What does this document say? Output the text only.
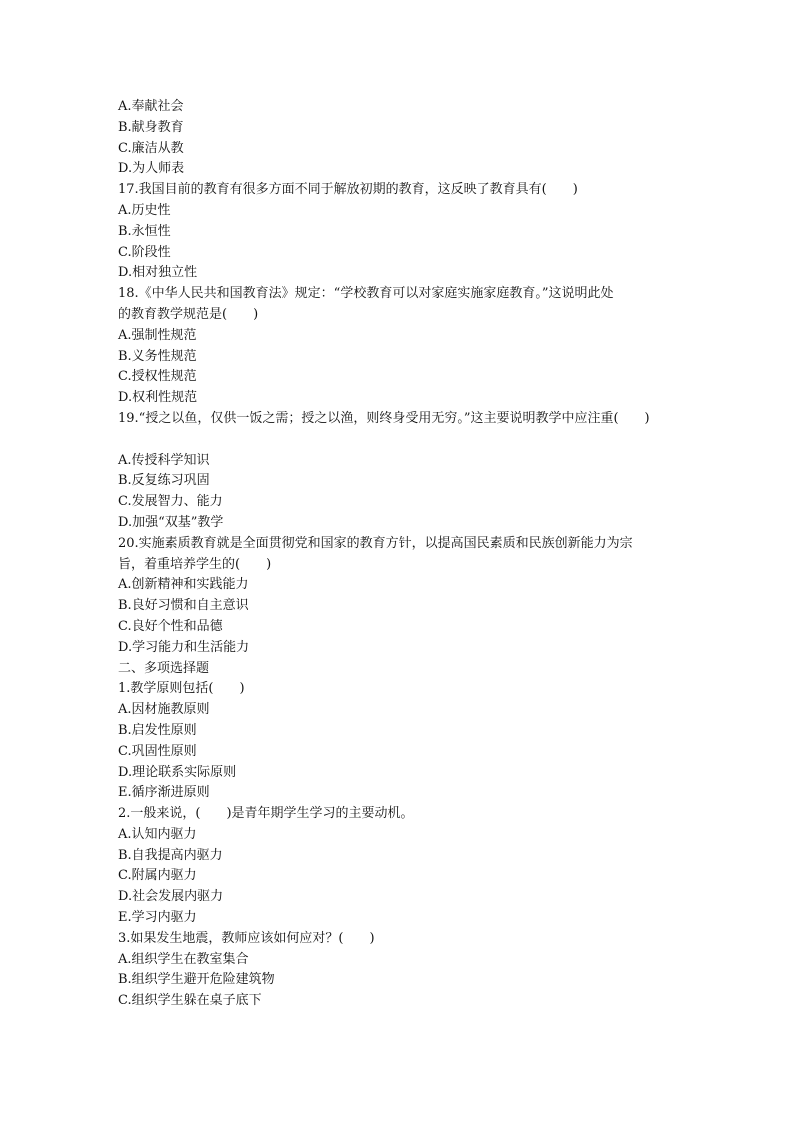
A.奉献社会
B.献身教育
C.廉洁从教
D.为人师表
17.我国目前的教育有很多方面不同于解放初期的教育，这反映了教育具有(　　)
A.历史性
B.永恒性
C.阶段性
D.相对独立性
18.《中华人民共和国教育法》规定：“学校教育可以对家庭实施家庭教育。”这说明此处
的教育教学规范是(　　)
A.强制性规范
B.义务性规范
C.授权性规范
D.权利性规范
19.“授之以鱼，仅供一饭之需；授之以渔，则终身受用无穷。”这主要说明教学中应注重(　　)
A.传授科学知识
B.反复练习巩固
C.发展智力、能力
D.加强“双基”教学
20.实施素质教育就是全面贯彻党和国家的教育方针，以提高国民素质和民族创新能力为宗
旨，着重培养学生的(　　)
A.创新精神和实践能力
B.良好习惯和自主意识
C.良好个性和品德
D.学习能力和生活能力
二、多项选择题
1.教学原则包括(　　)
A.因材施教原则
B.启发性原则
C.巩固性原则
D.理论联系实际原则
E.循序渐进原则
2.一般来说，(　　)是青年期学生学习的主要动机。
A.认知内驱力
B.自我提高内驱力
C.附属内驱力
D.社会发展内驱力
E.学习内驱力
3.如果发生地震，教师应该如何应对？(　　)
A.组织学生在教室集合
B.组织学生避开危险建筑物
C.组织学生躲在桌子底下
